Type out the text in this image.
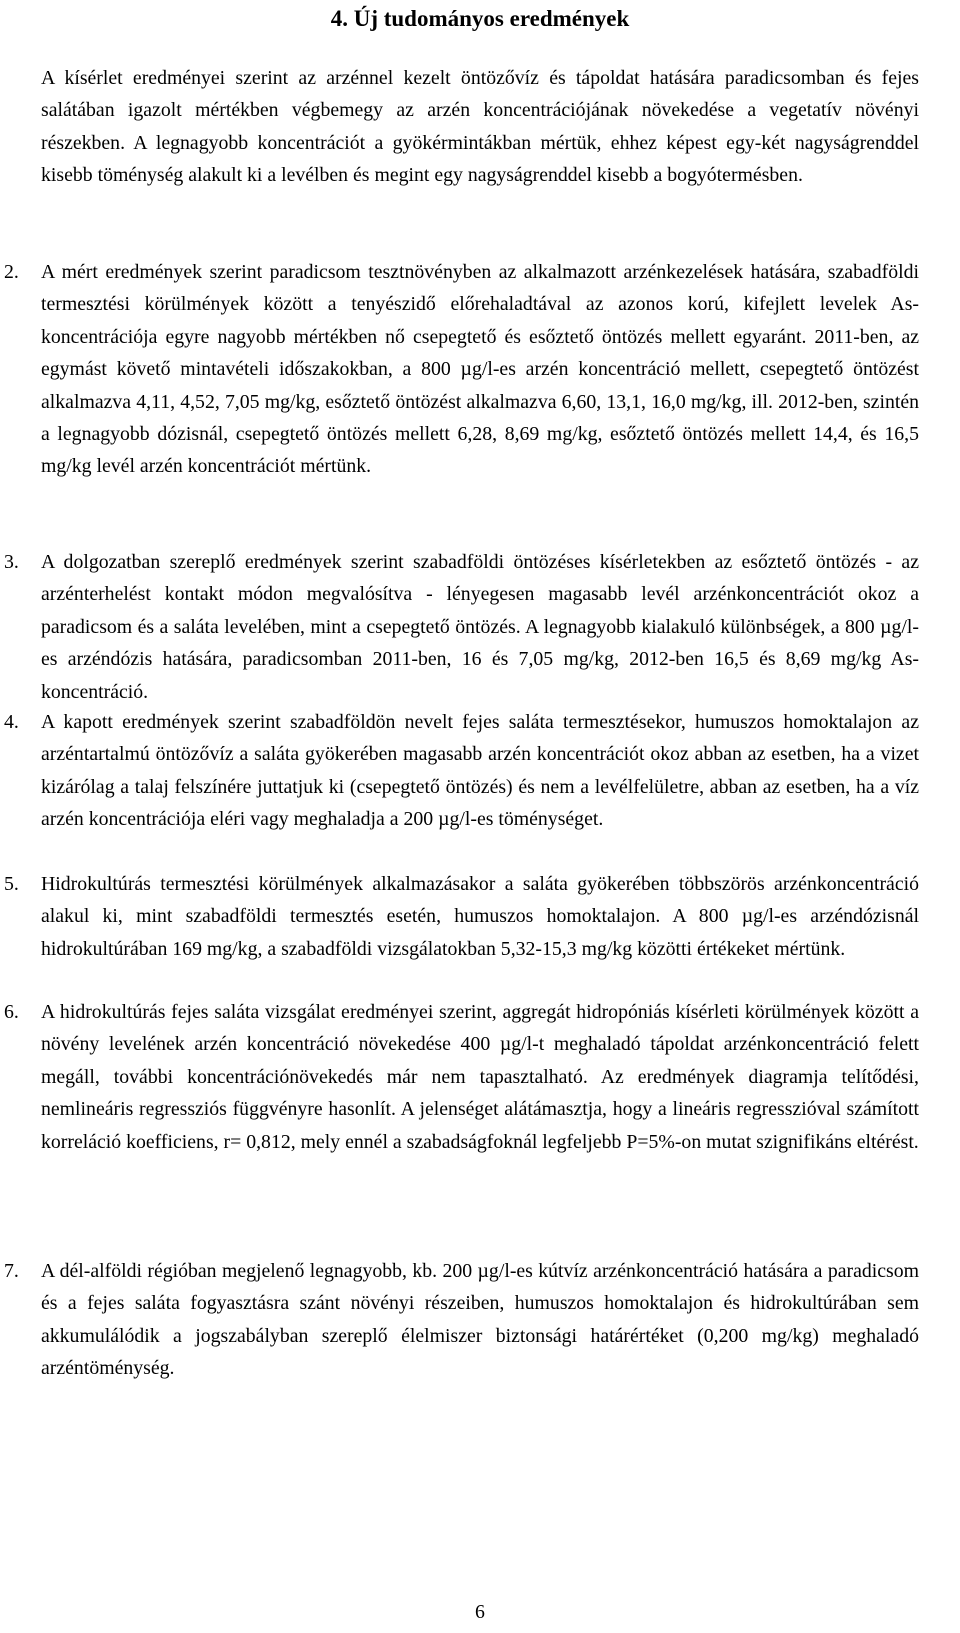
4. Új tudományos eredmények
A kísérlet eredményei szerint az arzénnel kezelt öntözővíz és tápoldat hatására paradicsomban és fejes salátában igazolt mértékben végbemegy az arzén koncentrációjának növekedése a vegetatív növényi részekben. A legnagyobb koncentrációt a gyökérmintákban mértük, ehhez képest egy-két nagyságrenddel kisebb töménység alakult ki a levélben és megint egy nagyságrenddel kisebb a bogyótermésben.
2.	A mért eredmények szerint paradicsom tesztnövényben az alkalmazott arzénkezelések hatására, szabadföldi termesztési körülmények között a tenyészidő előrehaladtával az azonos korú, kifejlett levelek As-koncentrációja egyre nagyobb mértékben nő csepegtető és esőztető öntözés mellett egyaránt. 2011-ben, az egymást követő mintavételi időszakokban, a 800 µg/l-es arzén koncentráció mellett, csepegtető öntözést alkalmazva 4,11, 4,52, 7,05 mg/kg, esőztető öntözést alkalmazva 6,60, 13,1, 16,0 mg/kg, ill. 2012-ben, szintén a legnagyobb dózisnál, csepegtető öntözés mellett 6,28, 8,69 mg/kg, esőztető öntözés mellett 14,4, és 16,5 mg/kg levél arzén koncentrációt mértünk.
3.	A dolgozatban szereplő eredmények szerint szabadföldi öntözéses kísérletekben az esőztető öntözés - az arzénterhelést kontakt módon megvalósítva - lényegesen magasabb levél arzénkoncentrációt okoz a paradicsom és a saláta levelében, mint a csepegtető öntözés. A legnagyobb kialakuló különbségek, a 800 µg/l-es arzéndózis hatására, paradicsomban 2011-ben, 16 és 7,05 mg/kg, 2012-ben 16,5 és 8,69 mg/kg As-koncentráció.
4.	A kapott eredmények szerint szabadföldön nevelt fejes saláta termesztésekor, humuszos homoktalajon az arzéntartalmú öntözővíz a saláta gyökerében magasabb arzén koncentrációt okoz abban az esetben, ha a vizet kizárólag a talaj felszínére juttatjuk ki (csepegtető öntözés) és nem a levélfelületre, abban az esetben, ha a víz arzén koncentrációja eléri vagy meghaladja a 200 µg/l-es töménységet.
5.	Hidrokultúrás termesztési körülmények alkalmazásakor a saláta gyökerében többszörös arzénkoncentráció alakul ki, mint szabadföldi termesztés esetén, humuszos homoktalajon. A 800 µg/l-es arzéndózisnál hidrokultúrában 169 mg/kg, a szabadföldi vizsgálatokban 5,32-15,3 mg/kg közötti értékeket mértünk.
6.	A hidrokultúrás fejes saláta vizsgálat eredményei szerint, aggregát hidropóniás kísérleti körülmények között a növény levelének arzén koncentráció növekedése 400 µg/l-t meghaladó tápoldat arzénkoncentráció felett megáll, további koncentrációnövekedés már nem tapasztalható. Az eredmények diagramja telítődési, nemlineáris regressziós függvényre hasonlít. A jelenséget alátámasztja, hogy a lineáris regresszióval számított korreláció koefficiens, r= 0,812, mely ennél a szabadságfoknál legfeljebb P=5%-on mutat szignifikáns eltérést.
7.	A dél-alföldi régióban megjelenő legnagyobb, kb. 200 µg/l-es kútvíz arzénkoncentráció hatására a paradicsom és a fejes saláta fogyasztásra szánt növényi részeiben, humuszos homoktalajon és hidrokultúrában sem akkumulálódik a jogszabályban szereplő élelmiszer biztonsági határértéket (0,200 mg/kg) meghaladó arzéntöménység.
6
